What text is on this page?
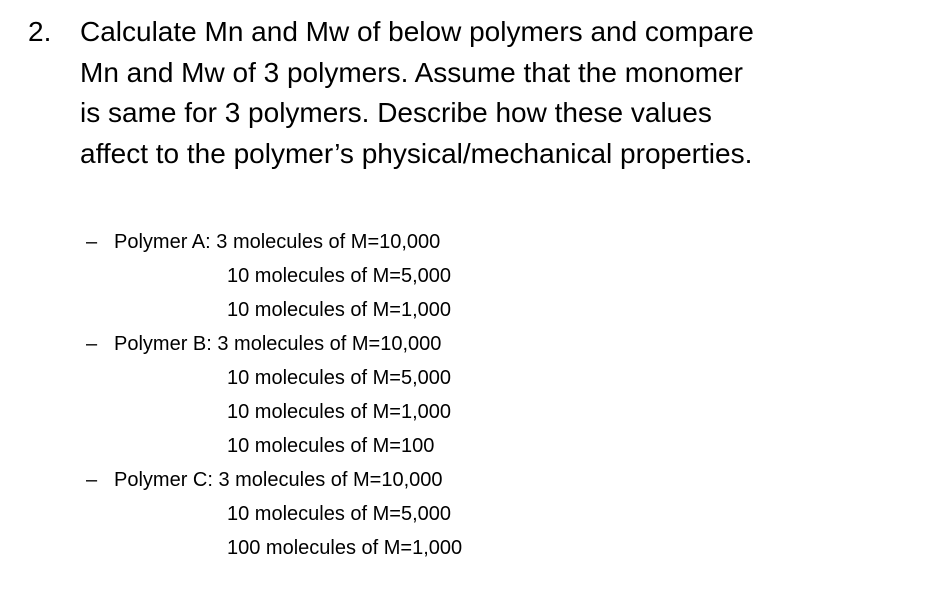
2. Calculate Mn and Mw of below polymers and compare
Mn and Mw of 3 polymers. Assume that the monomer
is same for 3 polymers. Describe how these values
affect to the polymer’s physical/mechanical properties.

– Polymer A: 3 molecules of M=10,000
10 molecules of M=5,000
10 molecules of M=1,000
– Polymer B: 3 molecules of M=10,000
10 molecules of M=5,000
10 molecules of M=1,000
10 molecules of M=100
– Polymer C: 3 molecules of M=10,000
10 molecules of M=5,000
100 molecules of M=1,000
